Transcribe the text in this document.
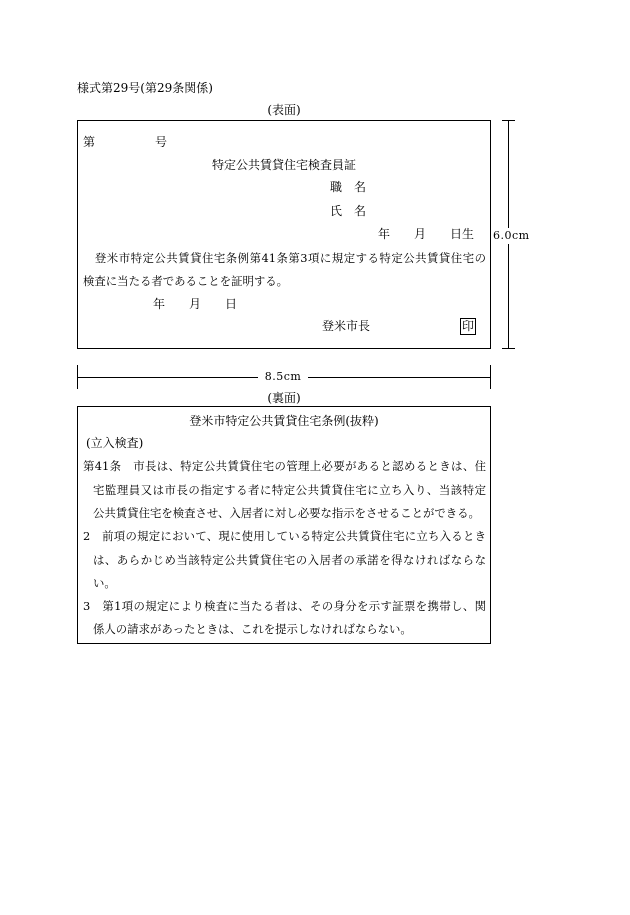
様式第29号(第29条関係)
(表面)
第　　　　　号
特定公共賃貸住宅検査員証
職　名
氏　名
年　　月　　日生
　登米市特定公共賃貸住宅条例第41条第3項に規定する特定公共賃貸住宅の
検査に当たる者であることを証明する。
年　　月　　日
登米市長	印
6.0cm
8.5cm
(裏面)
登米市特定公共賃貸住宅条例(抜粋)
(立入検査)
第41条　市長は、特定公共賃貸住宅の管理上必要があると認めるときは、住
宅監理員又は市長の指定する者に特定公共賃貸住宅に立ち入り、当該特定
公共賃貸住宅を検査させ、入居者に対し必要な指示をさせることができる。
2　前項の規定において、現に使用している特定公共賃貸住宅に立ち入るとき
は、あらかじめ当該特定公共賃貸住宅の入居者の承諾を得なければならな
い。
3　第1項の規定により検査に当たる者は、その身分を示す証票を携帯し、関
係人の請求があったときは、これを提示しなければならない。
